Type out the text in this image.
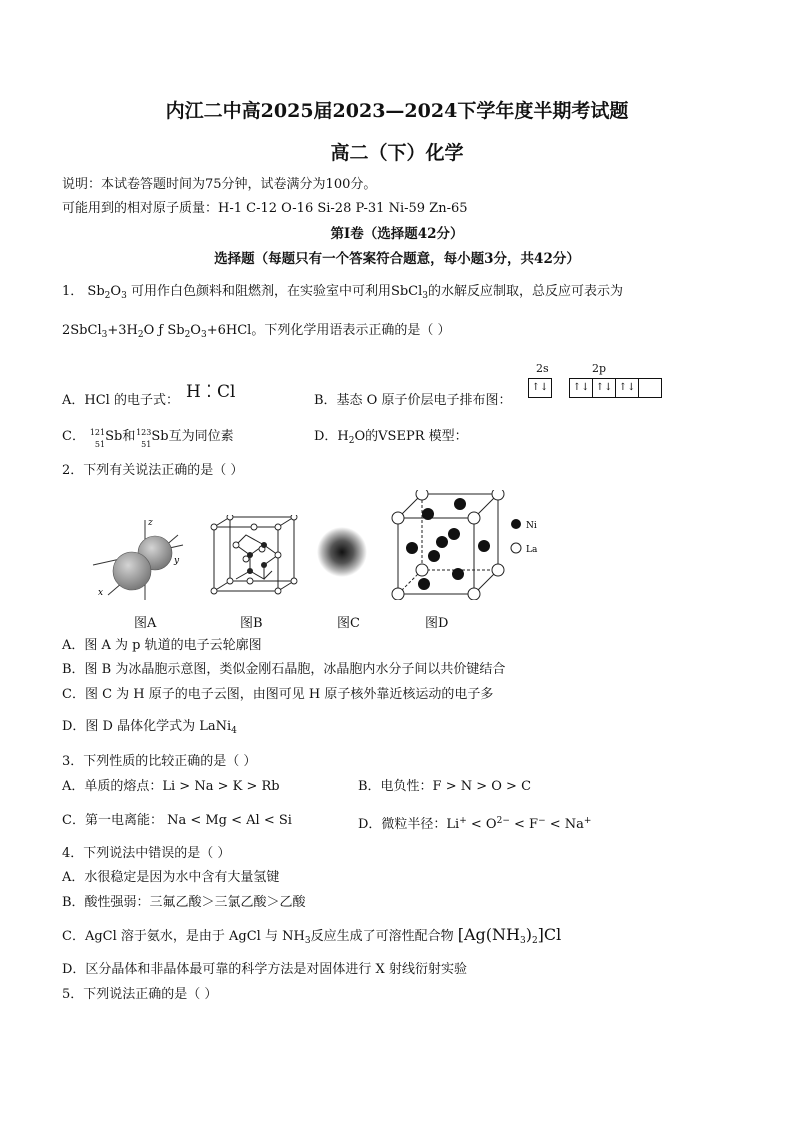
内江二中高2025届2023—2024下学年度半期考试题
高二（下）化学
说明：本试卷答题时间为75分钟，试卷满分为100分。
可能用到的相对原子质量：H-1 C-12 O-16 Si-28 P-31 Ni-59 Zn-65
第Ⅰ卷（选择题42分）
选择题（每题只有一个答案符合题意，每小题3分，共42分）
1． $Sb_2O_3$ 可用作白色颜料和阻燃剂，在实验室中可利用SbCl$_3$的水解反应制取，总反应可表示为
$2SbCl_3+3H_2O$ ƒ $Sb_2O_3+6HCl$。下列化学用语表示正确的是（ ）
A．HCl 的电子式： H ⁚ Cl	B．基态 O 原子价层电子排布图：
2s	2p
↑↓ ↑↓ ↑↓ ↑↓
C． 121
51
Sb和 123
51
Sb互为同位素	D．$H_2O$的VSEPR 模型：
2．下列有关说法正确的是（ ）
z
y
x
Ni
La
图A	图B	图C	图D
A．图 A 为 p 轨道的电子云轮廓图
B．图 B 为冰晶胞示意图，类似金刚石晶胞，冰晶胞内水分子间以共价键结合
C．图 C 为 H 原子的电子云图，由图可见 H 原子核外靠近核运动的电子多
D．图 D 晶体化学式为 LaNi$_4$
3．下列性质的比较正确的是（ ）
A．单质的熔点：Li > Na > K > Rb	B．电负性：F > N > O > C
C．第一电离能： Na < Mg < Al < Si	D．微粒半径：$Li^+ < O^{2-} < F^- < Na^+$
4．下列说法中错误的是（ ）
A．水很稳定是因为水中含有大量氢键
B．酸性强弱：三氟乙酸＞三氯乙酸＞乙酸
C．AgCl 溶于氨水，是由于 AgCl 与 $NH_3$反应生成了可溶性配合物 $[Ag(NH_3)_2]Cl$
D．区分晶体和非晶体最可靠的科学方法是对固体进行 X 射线衍射实验
5．下列说法正确的是（ ）
